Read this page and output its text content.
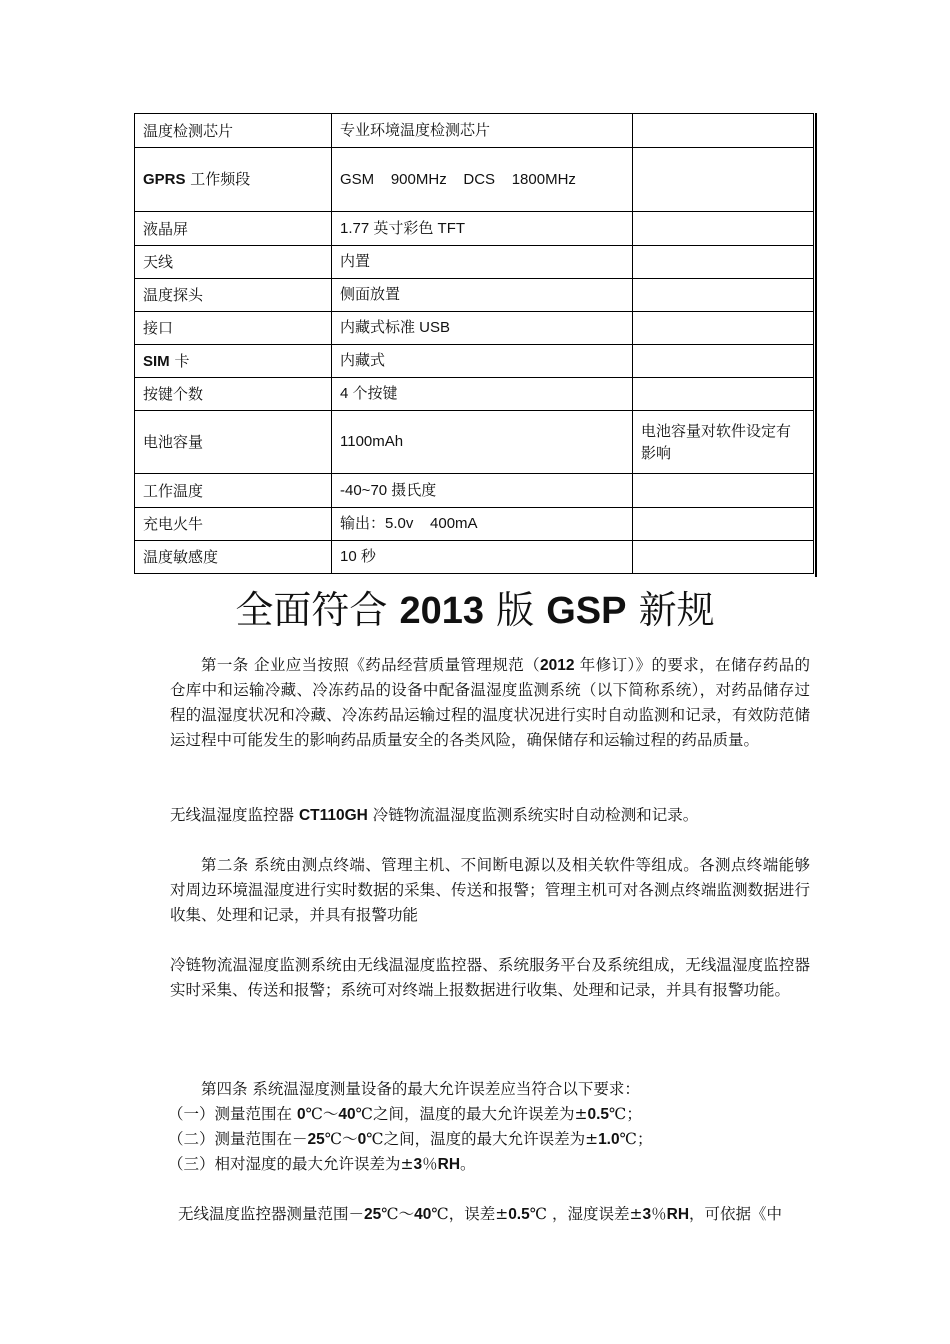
温度检测芯片	专业环境温度检测芯片	
GPRS 工作频段	GSM    900MHz    DCS    1800MHz	
液晶屏	1.77 英寸彩色 TFT	
天线	内置	
温度探头	侧面放置	
接口	内藏式标准 USB	
SIM 卡	内藏式	
按键个数	4 个按键	
电池容量	1100mAh	电池容量对软件设定有影响
工作温度	-40~70 摄氏度	
充电火牛	输出：5.0v    400mA	
温度敏感度	10 秒	
全面符合 2013 版 GSP 新规
第一条 企业应当按照《药品经营质量管理规范（2012 年修订）》的要求，在储存药品的仓库中和运输冷藏、冷冻药品的设备中配备温湿度监测系统（以下简称系统），对药品储存过程的温湿度状况和冷藏、冷冻药品运输过程的温度状况进行实时自动监测和记录，有效防范储运过程中可能发生的影响药品质量安全的各类风险，确保储存和运输过程的药品质量。
无线温湿度监控器 CT110GH 冷链物流温湿度监测系统实时自动检测和记录。
第二条 系统由测点终端、管理主机、不间断电源以及相关软件等组成。各测点终端能够对周边环境温湿度进行实时数据的采集、传送和报警；管理主机可对各测点终端监测数据进行收集、处理和记录，并具有报警功能
冷链物流温湿度监测系统由无线温湿度监控器、系统服务平台及系统组成，无线温湿度监控器实时采集、传送和报警；系统可对终端上报数据进行收集、处理和记录，并具有报警功能。
第四条 系统温湿度测量设备的最大允许误差应当符合以下要求：
（一）测量范围在 0℃～40℃之间，温度的最大允许误差为±0.5℃；
（二）测量范围在－25℃～0℃之间，温度的最大允许误差为±1.0℃；
（三）相对湿度的最大允许误差为±3％RH。
无线温度监控器测量范围－25℃～40℃，误差±0.5℃ ，湿度误差±3％RH，可依据《中
